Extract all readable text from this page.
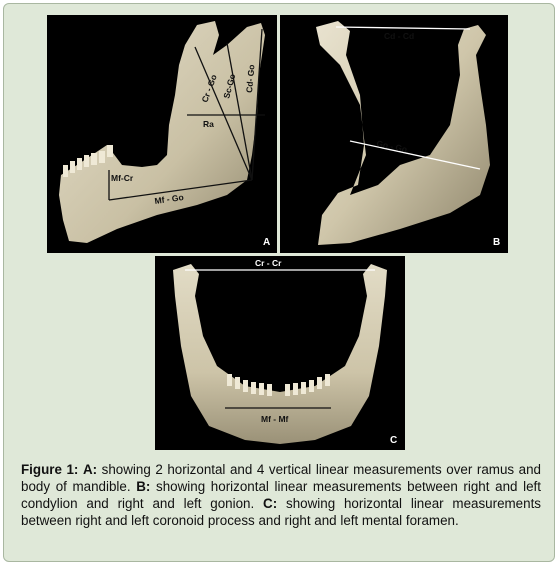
Cr - Go Sc-Go Cd- Go
Ra
Mf-Cr
Mf - Go
A
Cd - Cd
Go - Go
B
Cr - Cr
Mf - Mf
C
Figure 1: A: showing 2 horizontal and 4 vertical linear measurements over ramus and body of mandible. B: showing horizontal linear measurements between right and left condylion and right and left gonion. C: showing horizontal linear measurements between right and left coronoid process and right and left mental foramen.
